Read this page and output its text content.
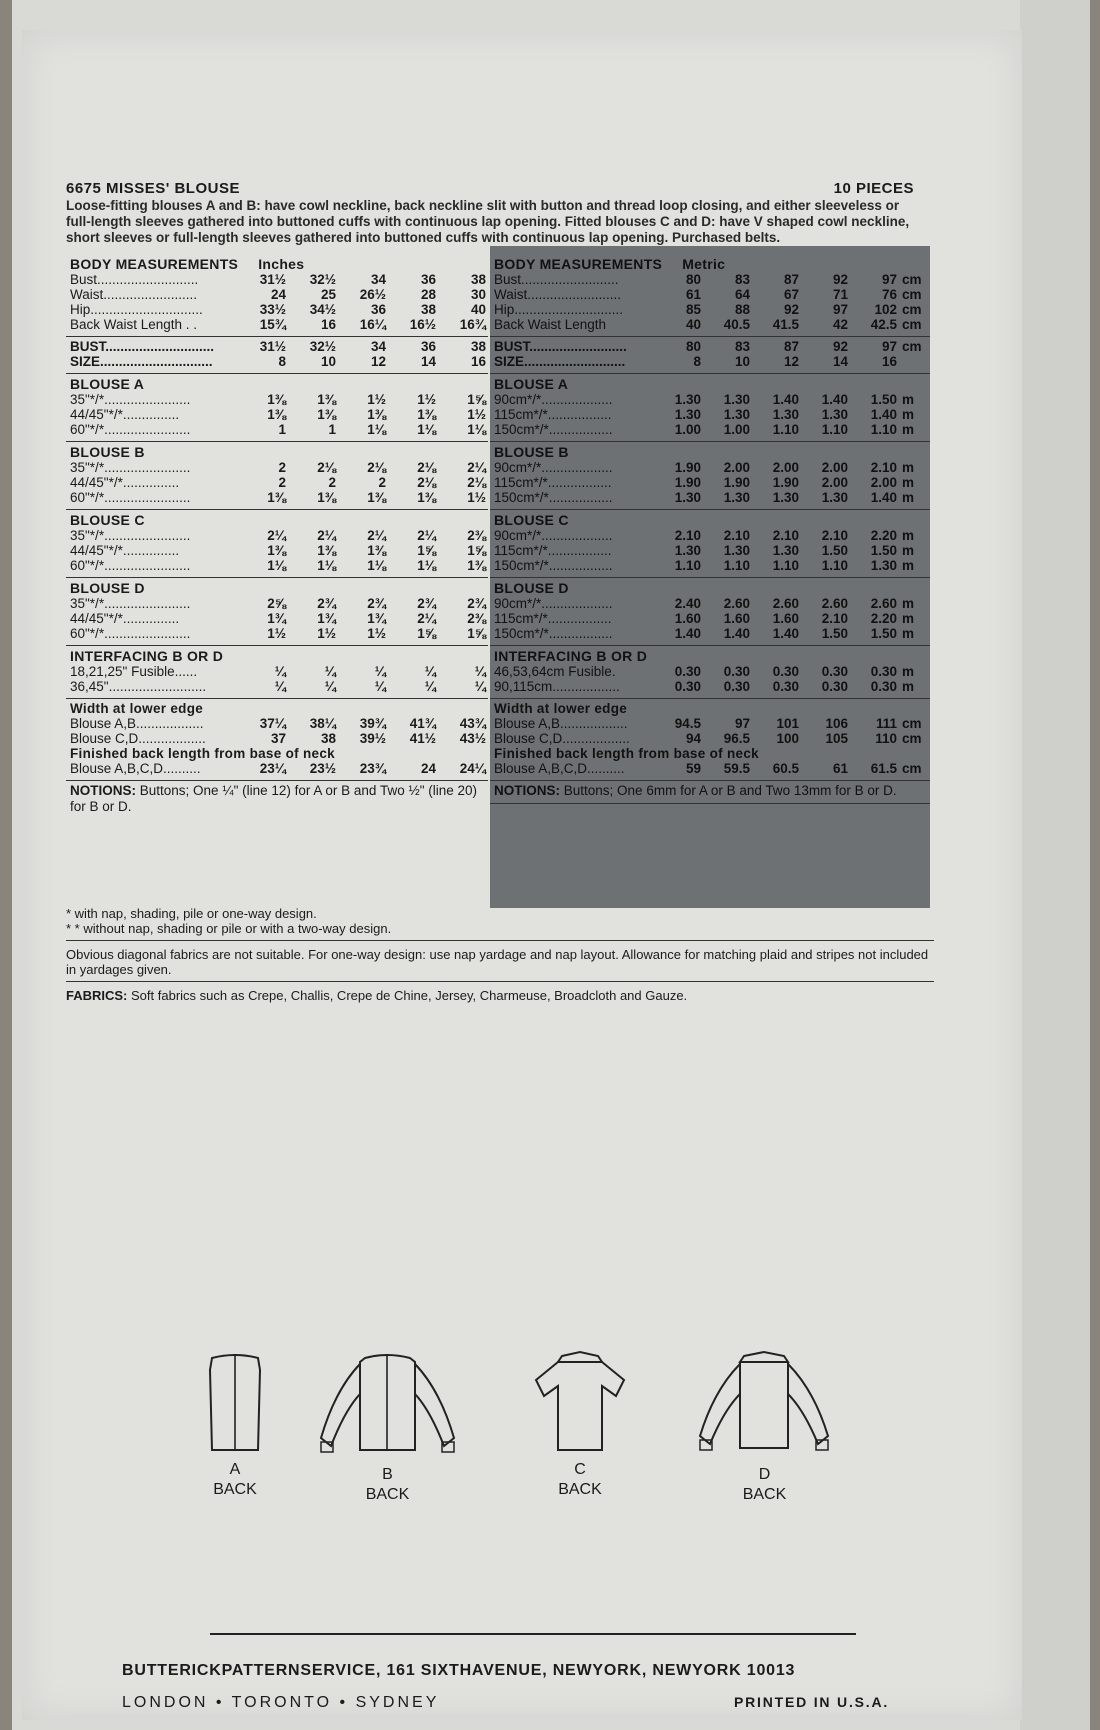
6675 MISSES' BLOUSE	10 PIECES
Loose-fitting blouses A and B: have cowl neckline, back neckline slit with button and thread loop closing, and either sleeveless or full-length sleeves gathered into buttoned cuffs with continuous lap opening. Fitted blouses C and D: have V shaped cowl neckline, short sleeves or full-length sleeves gathered into buttoned cuffs with continuous lap opening. Purchased belts.
BODY MEASUREMENTS Inches
Bust...........................	31½	32½	34	36	38
Waist.........................	24	25	26½	28	30
Hip..............................	33½	34½	36	38	40
Back Waist Length . .	15¾	16	16¼	16½	16¾
BUST.............................	31½	32½	34	36	38
SIZE..............................	8	10	12	14	16
BLOUSE A
35"*/*.......................	1⅜	1⅜	1½	1½	1⅝
44/45"*/*...............	1⅜	1⅜	1⅜	1⅜	1½
60"*/*.......................	1	1	1⅛	1⅛	1⅛
BLOUSE B
35"*/*.......................	2	2⅛	2⅛	2⅛	2¼
44/45"*/*...............	2	2	2	2⅛	2⅛
60"*/*.......................	1⅜	1⅜	1⅜	1⅜	1½
BLOUSE C
35"*/*.......................	2¼	2¼	2¼	2¼	2⅜
44/45"*/*...............	1⅜	1⅜	1⅜	1⅝	1⅝
60"*/*.......................	1⅛	1⅛	1⅛	1⅛	1⅜
BLOUSE D
35"*/*.......................	2⅝	2¾	2¾	2¾	2¾
44/45"*/*...............	1¾	1¾	1¾	2¼	2⅜
60"*/*.......................	1½	1½	1½	1⅝	1⅝
INTERFACING B OR D
18,21,25" Fusible......	¼	¼	¼	¼	¼
36,45"..........................	¼	¼	¼	¼	¼
Width at lower edge
Blouse A,B..................	37¼	38¼	39¾	41¾	43¾
Blouse C,D..................	37	38	39½	41½	43½
Finished back length from base of neck
Blouse A,B,C,D..........	23¼	23½	23¾	24	24¼
NOTIONS: Buttons; One ¼" (line 12) for A or B and Two ½" (line 20) for B or D.
BODY MEASUREMENTS Metric
Bust..........................	80	83	87	92	97 cm
Waist.........................	61	64	67	71	76 cm
Hip.............................	85	88	92	97	102 cm
Back Waist Length	40	40.5	41.5	42	42.5 cm
BUST..........................	80	83	87	92	97 cm
SIZE...........................	8	10	12	14	16
BLOUSE A
90cm*/*...................	1.30	1.30	1.40	1.40	1.50 m
115cm*/*.................	1.30	1.30	1.30	1.30	1.40 m
150cm*/*.................	1.00	1.00	1.10	1.10	1.10 m
BLOUSE B
90cm*/*...................	1.90	2.00	2.00	2.00	2.10 m
115cm*/*.................	1.90	1.90	1.90	2.00	2.00 m
150cm*/*.................	1.30	1.30	1.30	1.30	1.40 m
BLOUSE C
90cm*/*...................	2.10	2.10	2.10	2.10	2.20 m
115cm*/*.................	1.30	1.30	1.30	1.50	1.50 m
150cm*/*.................	1.10	1.10	1.10	1.10	1.30 m
BLOUSE D
90cm*/*...................	2.40	2.60	2.60	2.60	2.60 m
115cm*/*.................	1.60	1.60	1.60	2.10	2.20 m
150cm*/*.................	1.40	1.40	1.40	1.50	1.50 m
INTERFACING B OR D
46,53,64cm Fusible.	0.30	0.30	0.30	0.30	0.30 m
90,115cm..................	0.30	0.30	0.30	0.30	0.30 m
Width at lower edge
Blouse A,B..................	94.5	97	101	106	111 cm
Blouse C,D..................	94	96.5	100	105	110 cm
Finished back length from base of neck
Blouse A,B,C,D..........	59	59.5	60.5	61	61.5 cm
NOTIONS: Buttons; One 6mm for A or B and Two 13mm for B or D.
* with nap, shading, pile or one-way design.
* * without nap, shading or pile or with a two-way design.
Obvious diagonal fabrics are not suitable. For one-way design: use nap yardage and nap layout. Allowance for matching plaid and stripes not included in yardages given.
FABRICS: Soft fabrics such as Crepe, Challis, Crepe de Chine, Jersey, Charmeuse, Broadcloth and Gauze.
A
BACK
B
BACK
C
BACK
D
BACK
BUTTERICKPATTERNSERVICE, 161 SIXTHAVENUE, NEWYORK, NEWYORK 10013
LONDON • TORONTO • SYDNEY	PRINTED IN U.S.A.
